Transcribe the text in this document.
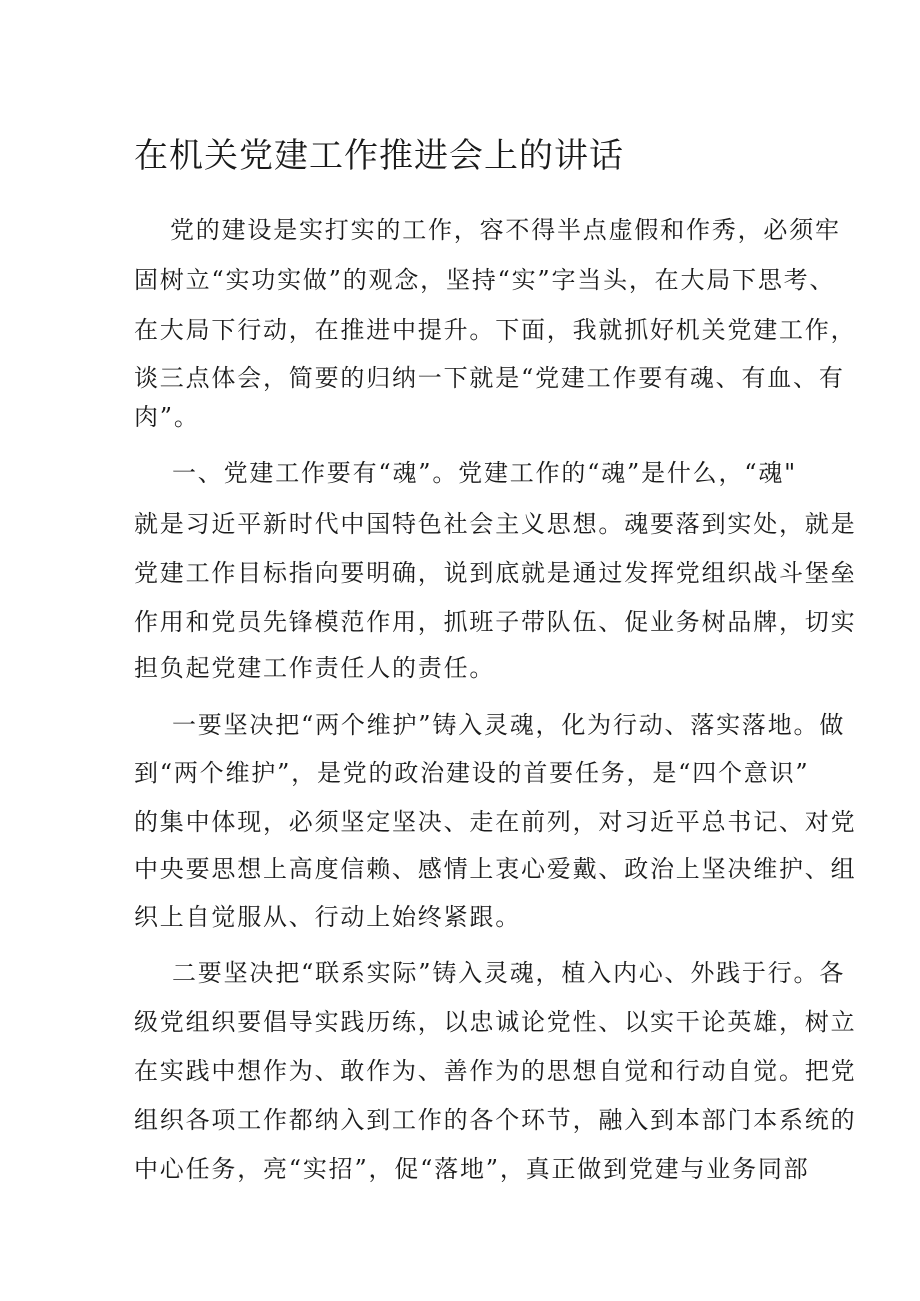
在机关党建工作推进会上的讲话

党的建设是实打实的工作，容不得半点虚假和作秀，必须牢

固树立“实功实做”的观念，坚持“实”字当头，在大局下思考、

在大局下行动，在推进中提升。下面，我就抓好机关党建工作，

谈三点体会，简要的归纳一下就是“党建工作要有魂、有血、有

肉”。

一、党建工作要有“魂”。党建工作的“魂”是什么，“魂"

就是习近平新时代中国特色社会主义思想。魂要落到实处，就是

党建工作目标指向要明确，说到底就是通过发挥党组织战斗堡垒

作用和党员先锋模范作用，抓班子带队伍、促业务树品牌，切实

担负起党建工作责任人的责任。

一要坚决把“两个维护”铸入灵魂，化为行动、落实落地。做

到“两个维护”，是党的政治建设的首要任务，是“四个意识”

的集中体现，必须坚定坚决、走在前列，对习近平总书记、对党

中央要思想上高度信赖、感情上衷心爱戴、政治上坚决维护、组

织上自觉服从、行动上始终紧跟。

二要坚决把“联系实际”铸入灵魂，植入内心、外践于行。各

级党组织要倡导实践历练，以忠诚论党性、以实干论英雄，树立

在实践中想作为、敢作为、善作为的思想自觉和行动自觉。把党

组织各项工作都纳入到工作的各个环节，融入到本部门本系统的

中心任务，亮“实招”，促“落地”，真正做到党建与业务同部
